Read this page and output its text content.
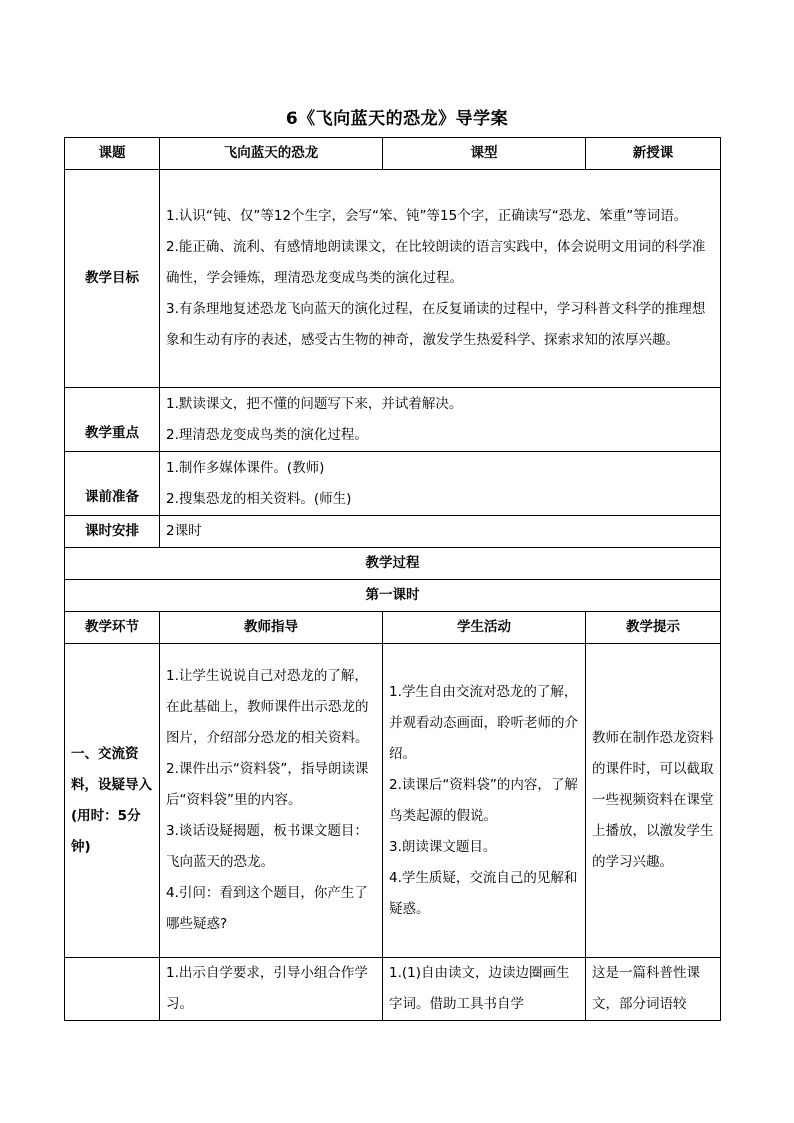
6《飞向蓝天的恐龙》导学案
课题	飞向蓝天的恐龙	课型	新授课
教学目标	1.认识“钝、仅”等12个生字，会写“笨、钝”等15个字，正确读写“恐龙、笨重”等词语。
2.能正确、流利、有感情地朗读课文，在比较朗读的语言实践中，体会说明文用词的科学准确性，学会锤炼，理清恐龙变成鸟类的演化过程。
3.有条理地复述恐龙飞向蓝天的演化过程，在反复诵读的过程中，学习科普文科学的推理想象和生动有序的表述，感受古生物的神奇，激发学生热爱科学、探索求知的浓厚兴趣。		

教学重点	1.默读课文，把不懂的问题写下来，并试着解决。
2.理清恐龙变成鸟类的演化过程。		

课前准备	1.制作多媒体课件。(教师)
2.搜集恐龙的相关资料。(师生)		

课时安排	2课时		
教学过程			
第一课时			
教学环节	教师指导	学生活动	教学提示
一、交流资料，设疑导入(用时：5分钟)	1.让学生说说自己对恐龙的了解，在此基础上，教师课件出示恐龙的图片，介绍部分恐龙的相关资料。
2.课件出示“资料袋”，指导朗读课后“资料袋”里的内容。
3.谈话设疑揭题，板书课文题目：飞向蓝天的恐龙。
4.引问：看到这个题目，你产生了哪些疑惑?	1.学生自由交流对恐龙的了解，并观看动态画面，聆听老师的介绍。
2.读课后“资料袋”的内容，了解鸟类起源的假说。
3.朗读课文题目。
4.学生质疑，交流自己的见解和疑惑。	教师在制作恐龙资料的课件时，可以截取一些视频资料在课堂上播放，以激发学生的学习兴趣。
	1.出示自学要求，引导小组合作学习。	1.(1)自由读文，边读边圈画生字词。借助工具书自学	这是一篇科普性课文，部分词语较
